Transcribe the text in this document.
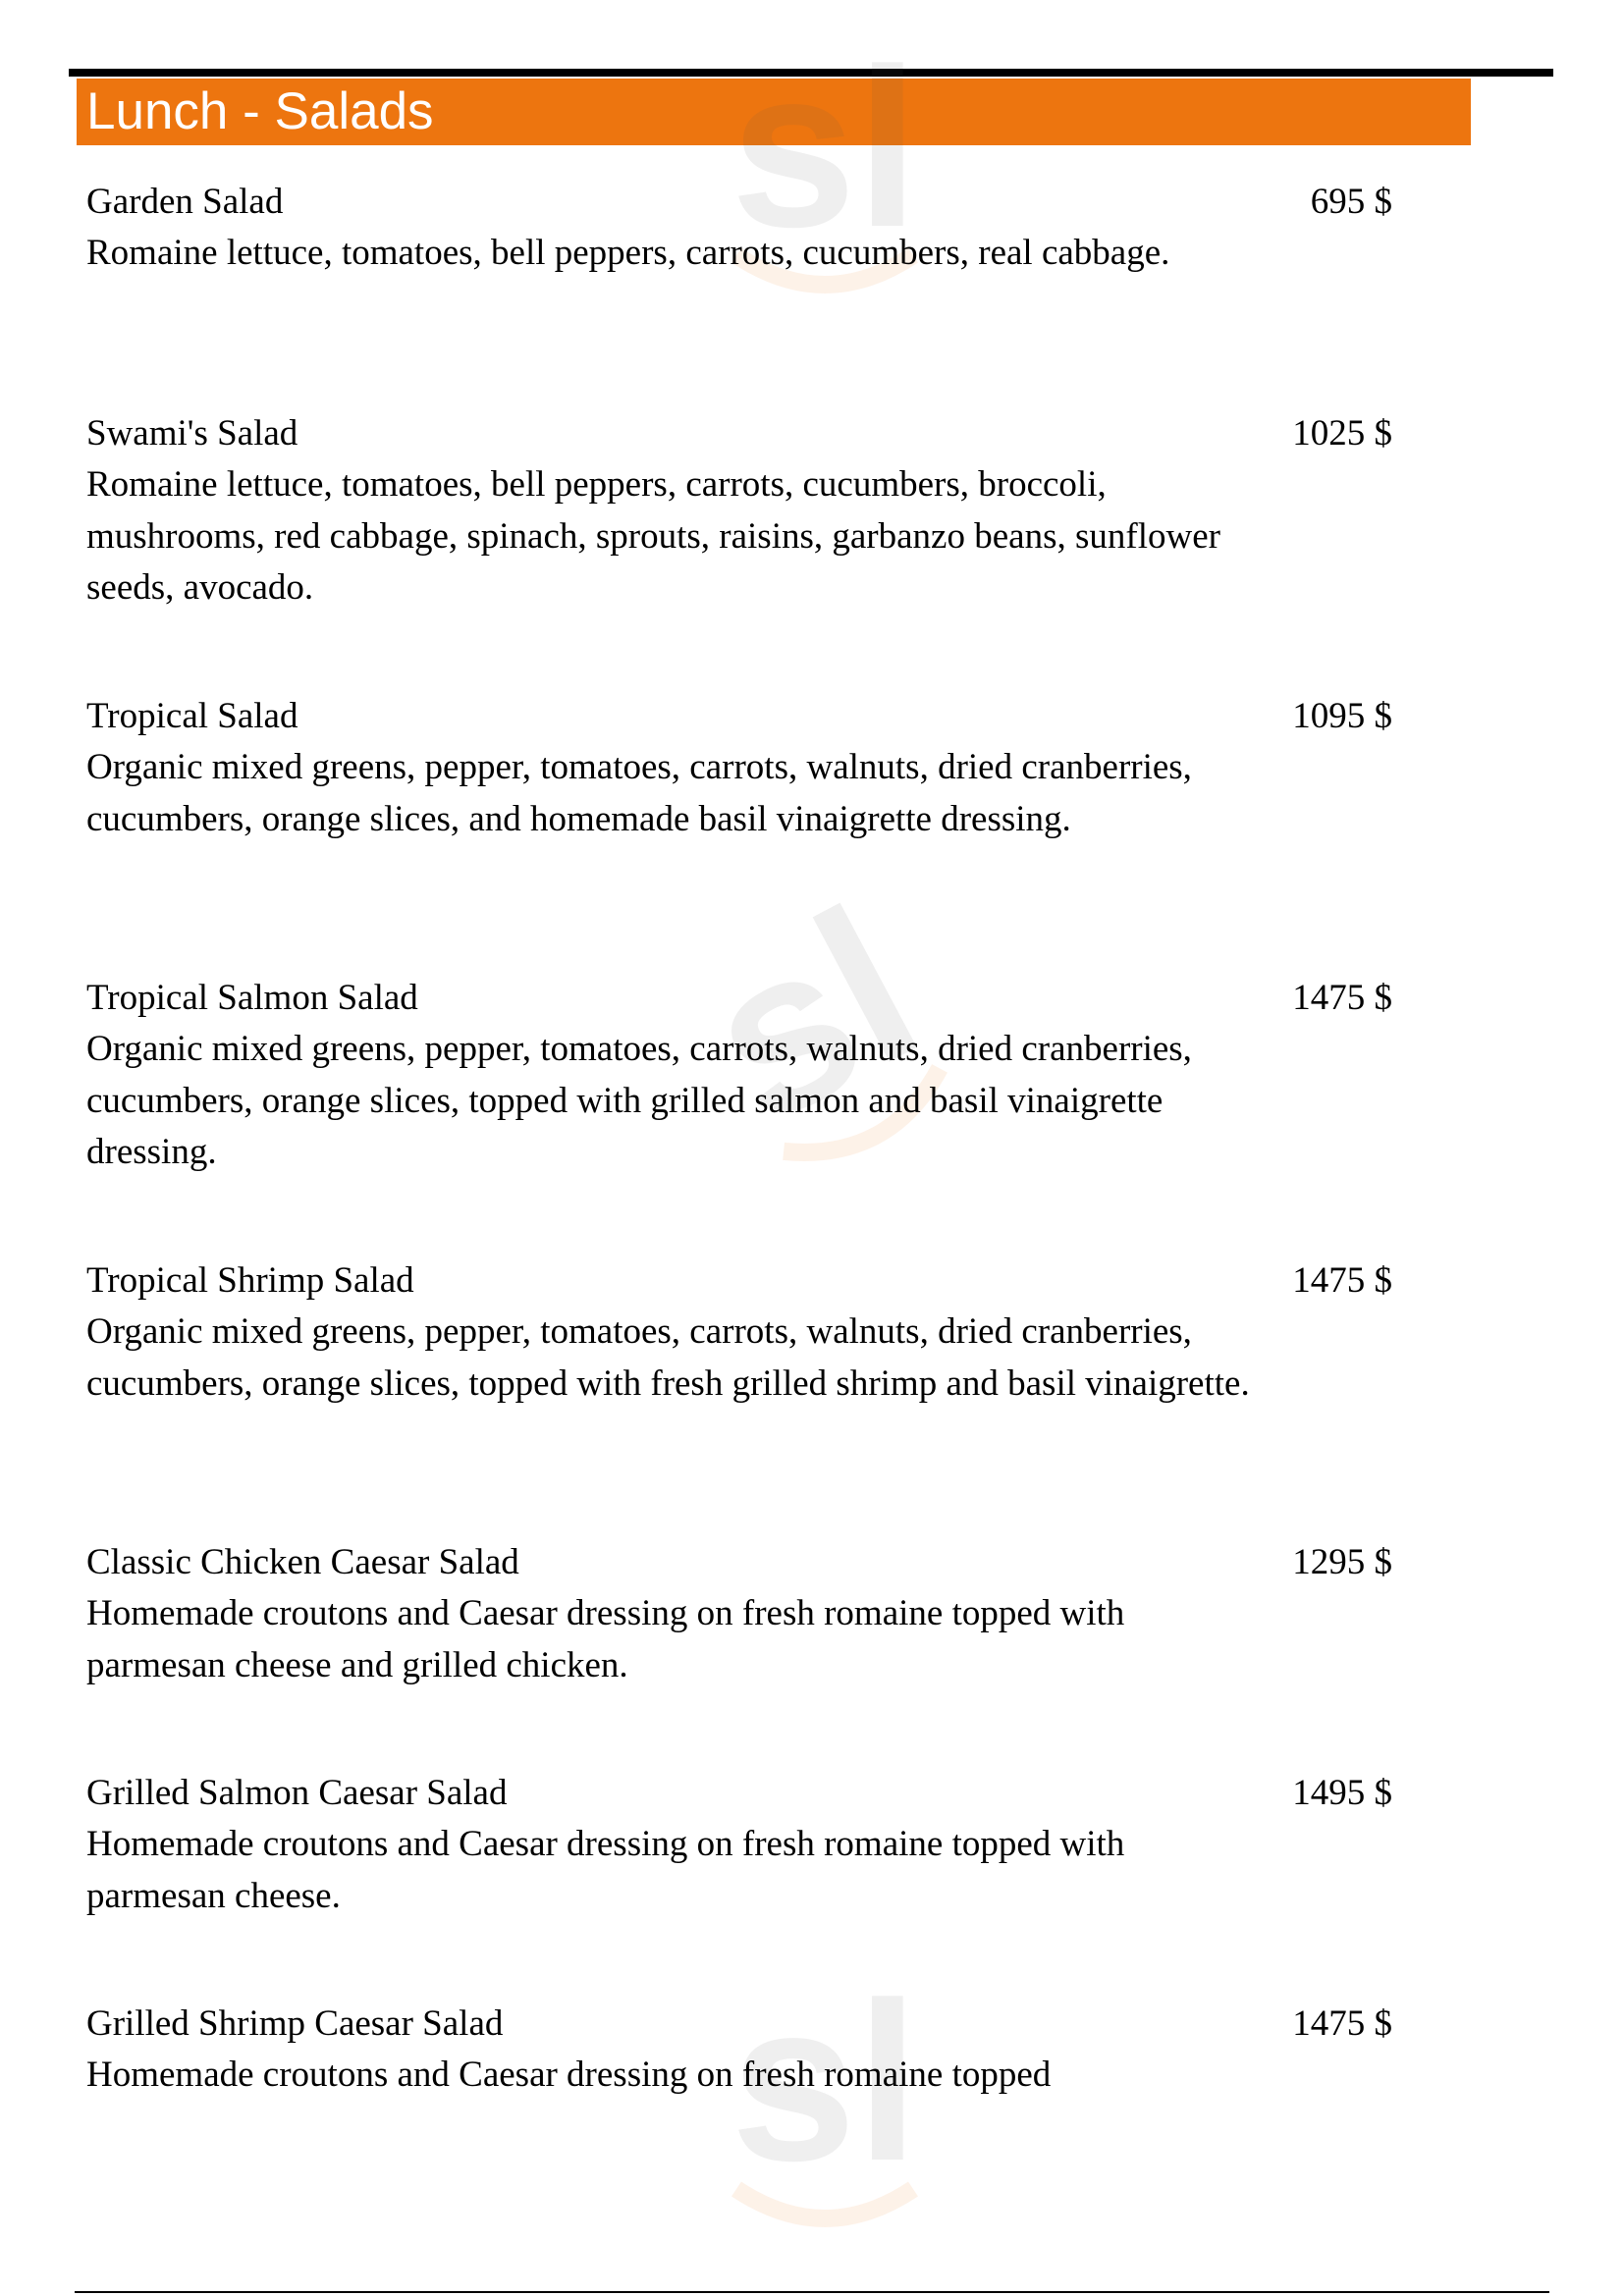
Lunch - Salads sl
sl
sl
Garden Salad	695 $
Romaine lettuce, tomatoes, bell peppers, carrots, cucumbers, real cabbage.
Swami's Salad	1025 $
Romaine lettuce, tomatoes, bell peppers, carrots, cucumbers, broccoli, mushrooms, red cabbage, spinach, sprouts, raisins, garbanzo beans, sunflower seeds, avocado.
Tropical Salad	1095 $
Organic mixed greens, pepper, tomatoes, carrots, walnuts, dried cranberries, cucumbers, orange slices, and homemade basil vinaigrette dressing.
Tropical Salmon Salad	1475 $
Organic mixed greens, pepper, tomatoes, carrots, walnuts, dried cranberries, cucumbers, orange slices, topped with grilled salmon and basil vinaigrette dressing.
Tropical Shrimp Salad	1475 $
Organic mixed greens, pepper, tomatoes, carrots, walnuts, dried cranberries, cucumbers, orange slices, topped with fresh grilled shrimp and basil vinaigrette.
Classic Chicken Caesar Salad	1295 $
Homemade croutons and Caesar dressing on fresh romaine topped with parmesan cheese and grilled chicken.
Grilled Salmon Caesar Salad	1495 $
Homemade croutons and Caesar dressing on fresh romaine topped with parmesan cheese.
Grilled Shrimp Caesar Salad	1475 $
Homemade croutons and Caesar dressing on fresh romaine topped
